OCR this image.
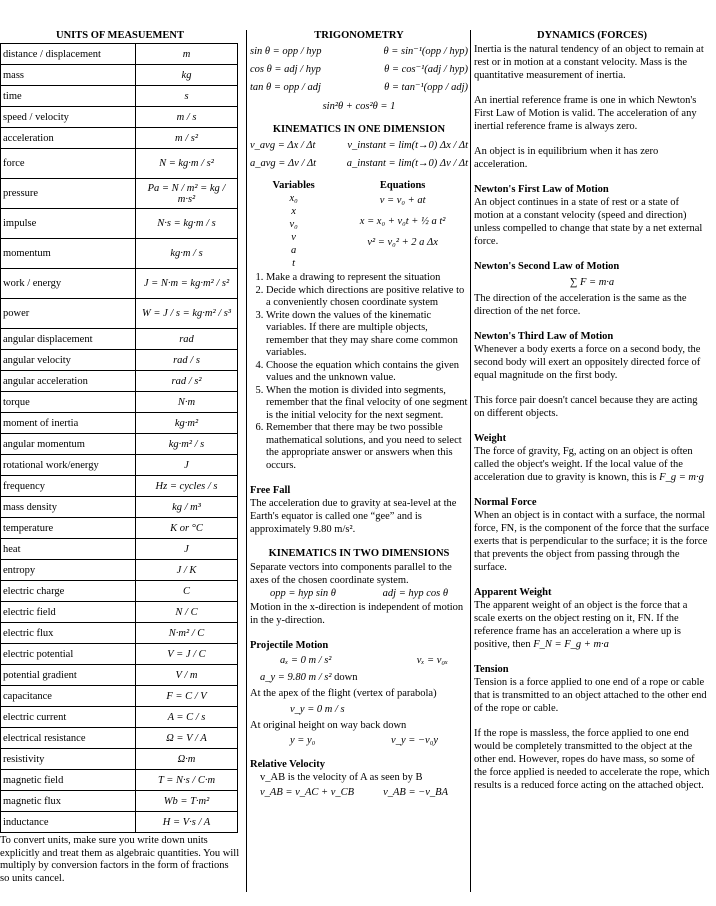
UNITS OF MEASUEMENT
distance / displacement	m
mass	kg
time	s
speed / velocity	m / s
acceleration	m / s²
force	N = kg·m / s²
pressure	Pa = N / m² = kg / m·s²
impulse	N·s = kg·m / s
momentum	kg·m / s
work / energy	J = N·m = kg·m² / s²
power	W = J / s = kg·m² / s³
angular displacement	rad
angular velocity	rad / s
angular acceleration	rad / s²
torque	N·m
moment of inertia	kg·m²
angular momentum	kg·m² / s
rotational work/energy	J
frequency	Hz = cycles / s
mass density	kg / m³
temperature	K or °C
heat	J
entropy	J / K
electric charge	C
electric field	N / C
electric flux	N·m² / C
electric potential	V = J / C
potential gradient	V / m
capacitance	F = C / V
electric current	A = C / s
electrical resistance	Ω = V / A
resistivity	Ω·m
magnetic field	T = N·s / C·m
magnetic flux	Wb = T·m²
inductance	H = V·s / A
To convert units, make sure you write down units explicitly and treat them as algebraic quantities. You will multiply by conversion factors in the form of fractions so units cancel.
TRIGONOMETRY
sin θ = opp / hyp	θ = sin⁻¹(opp / hyp)
cos θ = adj / hyp	θ = cos⁻¹(adj / hyp)
tan θ = opp / adj	θ = tan⁻¹(opp / adj)
sin²θ + cos²θ = 1
KINEMATICS IN ONE DIMENSION
v_avg = Δx / Δt	v_instant = lim(t→0) Δx / Δt
a_avg = Δv / Δt	a_instant = lim(t→0) Δv / Δt
Variables
x₀
x
v₀
v
a
t
Equations
v = v₀ + at
x = x₀ + v₀t + ½ a t²
v² = v₀² + 2 a Δx
1. Make a drawing to represent the situation
2. Decide which directions are positive relative to a conveniently chosen coordinate system
3. Write down the values of the kinematic variables. If there are multiple objects, remember that they may share come common variables.
4. Choose the equation which contains the given values and the unknown value.
5. When the motion is divided into segments, remember that the final velocity of one segment is the initial velocity for the next segment.
6. Remember that there may be two possible mathematical solutions, and you need to select the appropriate answer or answers when this occurs.
Free Fall

The acceleration due to gravity at sea-level at the Earth's equator is called one “gee” and is approximately 9.80 m/s².

KINEMATICS IN TWO DIMENSIONS

Separate vectors into components parallel to the axes of the chosen coordinate system.

opp = hyp sin θ	adj = hyp cos θ

Motion in the x-direction is independent of motion in the y-direction.

Projectile Motion
aₓ = 0 m / s²	vₓ = v₀ₓ
a_y = 9.80 m / s² down
At the apex of the flight (vertex of parabola)
v_y = 0 m / s
At original height on way back down
y = y₀	v_y = −v₀y
Relative Velocity
v_AB is the velocity of A as seen by B
v_AB = v_AC + v_CB	v_AB = −v_BA
DYNAMICS (FORCES)

Inertia is the natural tendency of an object to remain at rest or in motion at a constant velocity. Mass is the quantitative measurement of inertia.

An inertial reference frame is one in which Newton's First Law of Motion is valid. The acceleration of any inertial reference frame is always zero.

An object is in equilibrium when it has zero acceleration.

Newton's First Law of Motion

An object continues in a state of rest or a state of motion at a constant velocity (speed and direction) unless compelled to change that state by a net external force.

Newton's Second Law of Motion
∑ F = m·a

The direction of the acceleration is the same as the direction of the net force.

Newton's Third Law of Motion

Whenever a body exerts a force on a second body, the second body will exert an oppositely directed force of equal magnitude on the first body.

This force pair doesn't cancel because they are acting on different objects.

Weight

The force of gravity, Fg, acting on an object is often called the object's weight. If the local value of the acceleration due to gravity is known, this is F_g = m·g

Normal Force

When an object is in contact with a surface, the normal force, FN, is the component of the force that the surface exerts that is perpendicular to the surface; it is the force that prevents the object from passing through the surface.

Apparent Weight

The apparent weight of an object is the force that a scale exerts on the object resting on it, FN. If the reference frame has an acceleration a where up is positive, then F_N = F_g + m·a

Tension

Tension is a force applied to one end of a rope or cable that is transmitted to an object attached to the other end of the rope or cable.

If the rope is massless, the force applied to one end would be completely transmitted to the object at the other end. However, ropes do have mass, so some of the force applied is needed to accelerate the rope, which results is a reduced force acting on the attached object.
